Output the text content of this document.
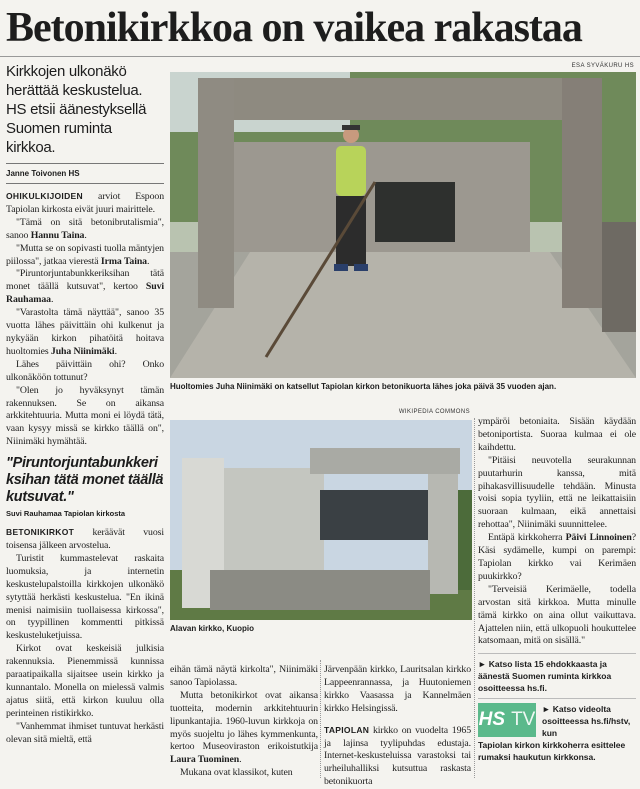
Betonikirkkoa on vaikea rakastaa
Kirkkojen ulkonäkö herättää keskustelua. HS etsii äänestyksellä Suomen ruminta kirkkoa.
Janne Toivonen HS

OHIKULKIJOIDEN arviot Espoon Tapiolan kirkosta eivät juuri mairittele.

"Tämä on sitä betonibrutalismia", sanoo Hannu Taina.

"Mutta se on sopivasti tuolla mäntyjen piilossa", jatkaa vierestä Irma Taina.

"Piruntorjuntabunkkeriksihan tätä monet täällä kutsuvat", kertoo Suvi Rauhamaa.

"Varastolta tämä näyttää", sanoo 35 vuotta lähes päivittäin ohi kulkenut ja nykyään kirkon pihatöitä hoitava huoltomies Juha Niinimäki.

Lähes päivittäin ohi? Onko ulkonäköön tottunut?

"Olen jo hyväksynyt tämän rakennuksen. Se on aikansa arkkitehtuuria. Mutta moni ei löydä tätä, vaan kysyy missä se kirkko täällä on", Niinimäki hymähtää.

"Piruntorjuntabunkkeriksihan tätä monet täällä kutsuvat."
Suvi Rauhamaa Tapiolan kirkosta

BETONIKIRKOT keräävät vuosi toisensa jälkeen arvostelua.

Turistit kummastelevat raskaita luomuksia, ja internetin keskustelupalstoilla kirkkojen ulkonäkö sytyttää herkästi keskustelua. "En ikinä menisi naimisiin tuollaisessa kirkossa", on tyypillinen kommentti pitkissä keskusteluketjuissa.

Kirkot ovat keskeisiä julkisia rakennuksia. Pienemmissä kunnissa paraatipaikalla sijaitsee usein kirkko ja kunnantalo. Monella on mielessä valmis ajatus siitä, että kirkon kuuluu olla perinteinen ristikirkko.

"Vanhemmat ihmiset tuntuvat herkästi olevan sitä mieltä, että

ESA SYVÄKURU HS
Huoltomies Juha Niinimäki on katsellut Tapiolan kirkon betonikuorta lähes joka päivä 35 vuoden ajan.
WIKIPEDIA COMMONS
Alavan kirkko, Kuopio

eihän tämä näytä kirkolta", Niinimäki sanoo Tapiolassa.

Mutta betonikirkot ovat aikansa tuotteita, modernin arkkitehtuurin lipunkantajia. 1960-luvun kirkkoja on myös suojeltu jo lähes kymmenkunta, kertoo Museoviraston erikoistutkija Laura Tuominen.

Mukana ovat klassikot, kuten

Järvenpään kirkko, Lauritsalan kirkko Lappeenrannassa, ja Huutoniemen kirkko Vaasassa ja Kannelmäen kirkko Helsingissä.

TAPIOLAN kirkko on vuodelta 1965 ja lajinsa tyylipuhdas edustaja. Internet-keskusteluissa varastoksi tai urheiluhalliksi kutsuttua raskasta betonikuorta

ympäröi betoniaita. Sisään käydään betoniportista. Suoraa kulmaa ei ole kaihdettu.

"Pitäisi neuvotella seurakunnan puutarhurin kanssa, mitä pihakasvillisuudelle tehdään. Minusta voisi sopia tyyliin, että ne leikattaisiin suoraan kulmaan, eikä annettaisi rehottaa", Niinimäki suunnittelee.

Entäpä kirkkoherra Päivi Linnoinen? Käsi sydämelle, kumpi on parempi: Tapiolan kirkko vai Kerimäen puukirkko?

"Terveisiä Kerimäelle, todella arvostan sitä kirkkoa. Mutta minulle tämä kirkko on aina ollut vaikuttava. Ajattelen niin, että ulkopuoli houkuttelee katsomaan, mitä on sisällä."

► Katso lista 15 ehdokkaasta ja äänestä Suomen ruminta kirkkoa osoitteessa hs.fi.
HS TV ► Katso videolta osoitteessa hs.fi/hstv, kun
Tapiolan kirkon kirkkoherra esittelee rumaksi haukutun kirkkonsa.
